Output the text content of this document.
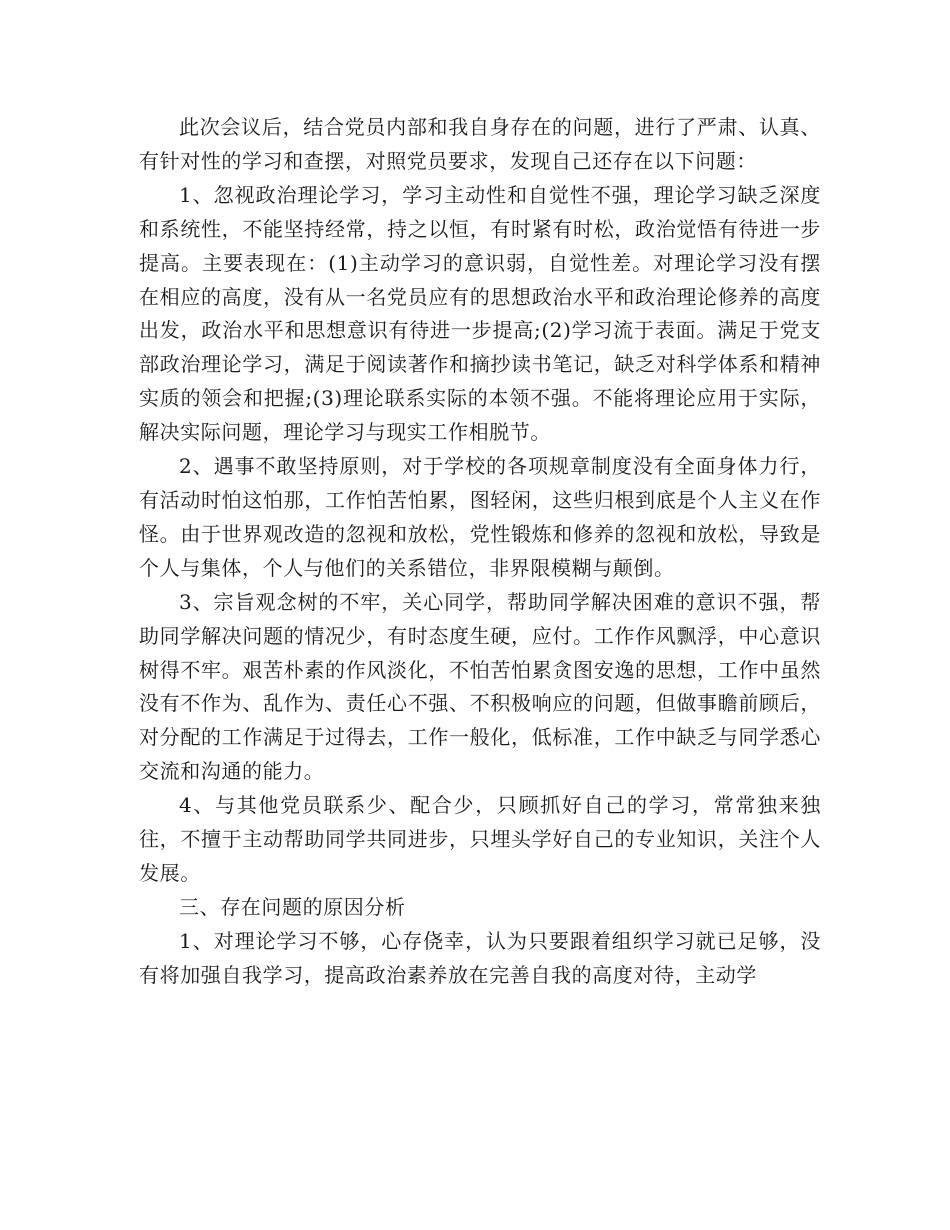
此次会议后，结合党员内部和我自身存在的问题，进行了严肃、认真、有针对性的学习和查摆，对照党员要求，发现自己还存在以下问题：

1、忽视政治理论学习，学习主动性和自觉性不强，理论学习缺乏深度和系统性，不能坚持经常，持之以恒，有时紧有时松，政治觉悟有待进一步提高。主要表现在：(1)主动学习的意识弱，自觉性差。对理论学习没有摆在相应的高度，没有从一名党员应有的思想政治水平和政治理论修养的高度出发，政治水平和思想意识有待进一步提高;(2)学习流于表面。满足于党支部政治理论学习，满足于阅读著作和摘抄读书笔记，缺乏对科学体系和精神实质的领会和把握;(3)理论联系实际的本领不强。不能将理论应用于实际，解决实际问题，理论学习与现实工作相脱节。

2、遇事不敢坚持原则，对于学校的各项规章制度没有全面身体力行，有活动时怕这怕那，工作怕苦怕累，图轻闲，这些归根到底是个人主义在作怪。由于世界观改造的忽视和放松，党性锻炼和修养的忽视和放松，导致是个人与集体，个人与他们的关系错位，非界限模糊与颠倒。

3、宗旨观念树的不牢，关心同学，帮助同学解决困难的意识不强，帮助同学解决问题的情况少，有时态度生硬，应付。工作作风飘浮，中心意识树得不牢。艰苦朴素的作风淡化，不怕苦怕累贪图安逸的思想，工作中虽然没有不作为、乱作为、责任心不强、不积极响应的问题，但做事瞻前顾后，对分配的工作满足于过得去，工作一般化，低标准，工作中缺乏与同学悉心交流和沟通的能力。

4、与其他党员联系少、配合少，只顾抓好自己的学习，常常独来独往，不擅于主动帮助同学共同进步，只埋头学好自己的专业知识，关注个人发展。

三、存在问题的原因分析

1、对理论学习不够，心存侥幸，认为只要跟着组织学习就已足够，没有将加强自我学习，提高政治素养放在完善自我的高度对待，主动学
